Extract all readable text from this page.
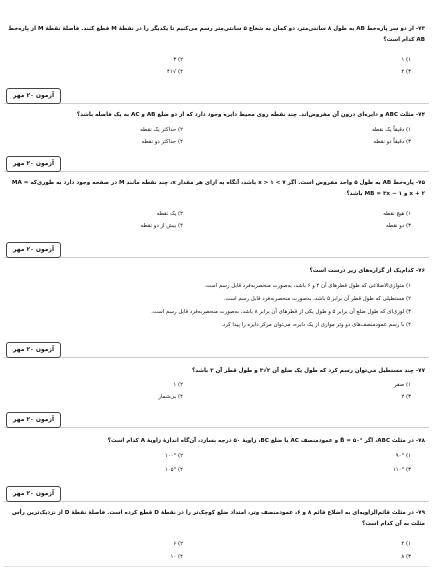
۷۳- از دو سر پاره‌خط AB به طول ۸ سانتی‌متر، دو کمان به شعاع ۵ سانتی‌متر رسم می‌کنیم تا یکدیگر را در نقطهٔ M قطع کنند. فاصلهٔ نقطهٔ M از پاره‌خط AB کدام است؟
۱) ۱
۲) ۳
۳) ۴
۴) √۴۱
آزمون ۲۰ مهر
۷۴- مثلث ABC و دایره‌ای درون آن مفروض‌اند. چند نقطه روی محیط دایره وجود دارد که از دو ضلع AB و AC به یک فاصله باشد؟
۱) دقیقاً یک نقطه
۲) حداکثر یک نقطه
۳) دقیقاً دو نقطه
۴) حداکثر دو نقطه
آزمون ۲۰ مهر
۷۵- پاره‌خط AB به طول ۵ واحد مفروض است. اگر ۷ > x > ۱ باشد، آنگاه به ازای هر مقدار x، چند نقطه مانند M در صفحه وجود دارد به طوری‌که MA = x + ۲ و MB = ۳x − ۱ باشد؟
۱) هیچ نقطه
۲) یک نقطه
۳) دو نقطه
۴) بیش از دو نقطه
آزمون ۲۰ مهر
۷۶- کدام‌یک از گزاره‌های زیر درست است؟
۱) متوازی‌الاضلاعی که طول قطرهای آن ۴ و ۶ باشد، به‌صورت منحصربه‌فرد قابل رسم است.
۲) مستطیلی که طول قطر آن برابر ۵ باشد، به‌صورت منحصربه‌فرد قابل رسم است.
۳) لوزی‌ای که طول ضلع آن برابر ۵ و طول یکی از قطرهای آن برابر ۸ باشد، به‌صورت منحصربه‌فرد قابل رسم است.
۴) با رسم عمودمنصف‌های دو وتر موازی از یک دایره، می‌توان مرکز دایره را پیدا کرد.
آزمون ۲۰ مهر
۷۷- چند مستطیل می‌توان رسم کرد که طول یک ضلع آن ۲√۳ و طول قطر آن ۳ باشد؟
۱) صفر
۲) ۱
۳) ۲
۴) بی‌شمار
آزمون ۲۰ مهر
۷۸- در مثلث ABC، اگر B̂ = ۵۰° و عمودمنصف AC با ضلع BC، زاویهٔ ۵۰ درجه بسازد، آن‌گاه اندازهٔ زاویهٔ A کدام است؟
۱) ۹۰°
۲) ۱۰۰°
۳) ۱۱۰°
۴) ۱۰۵°
آزمون ۲۰ مهر
۷۹- در مثلث قائم‌الزاویه‌ای به اضلاع قائم ۸ و ۶، عمودمنصف وتر، امتداد ضلع کوچک‌تر را در نقطهٔ D قطع کرده است. فاصلهٔ نقطهٔ D از نزدیک‌ترین رأس مثلث به آن کدام است؟
۱) ۴
۲) ۶
۳) ۸
۴) ۱۰
